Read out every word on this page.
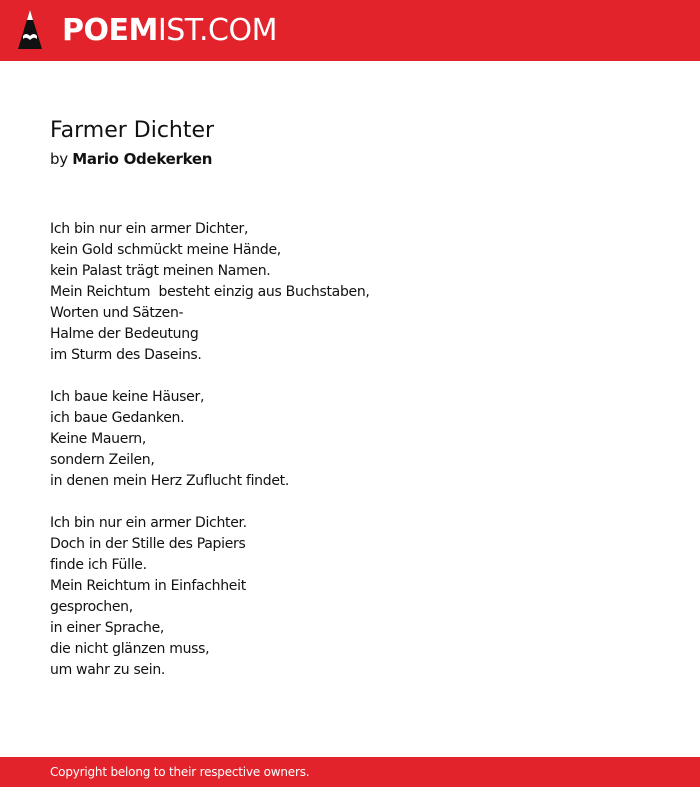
POEMIST.COM
Farmer Dichter
by Mario Odekerken
Ich bin nur ein armer Dichter,
kein Gold schmückt meine Hände,
kein Palast trägt meinen Namen.
Mein Reichtum  besteht einzig aus Buchstaben,
Worten und Sätzen-
Halme der Bedeutung
im Sturm des Daseins.
Ich baue keine Häuser,
ich baue Gedanken.
Keine Mauern,
sondern Zeilen,
in denen mein Herz Zuflucht findet.
Ich bin nur ein armer Dichter.
Doch in der Stille des Papiers
finde ich Fülle.
Mein Reichtum in Einfachheit
gesprochen,
in einer Sprache,
die nicht glänzen muss,
um wahr zu sein.
Copyright belong to their respective owners.
